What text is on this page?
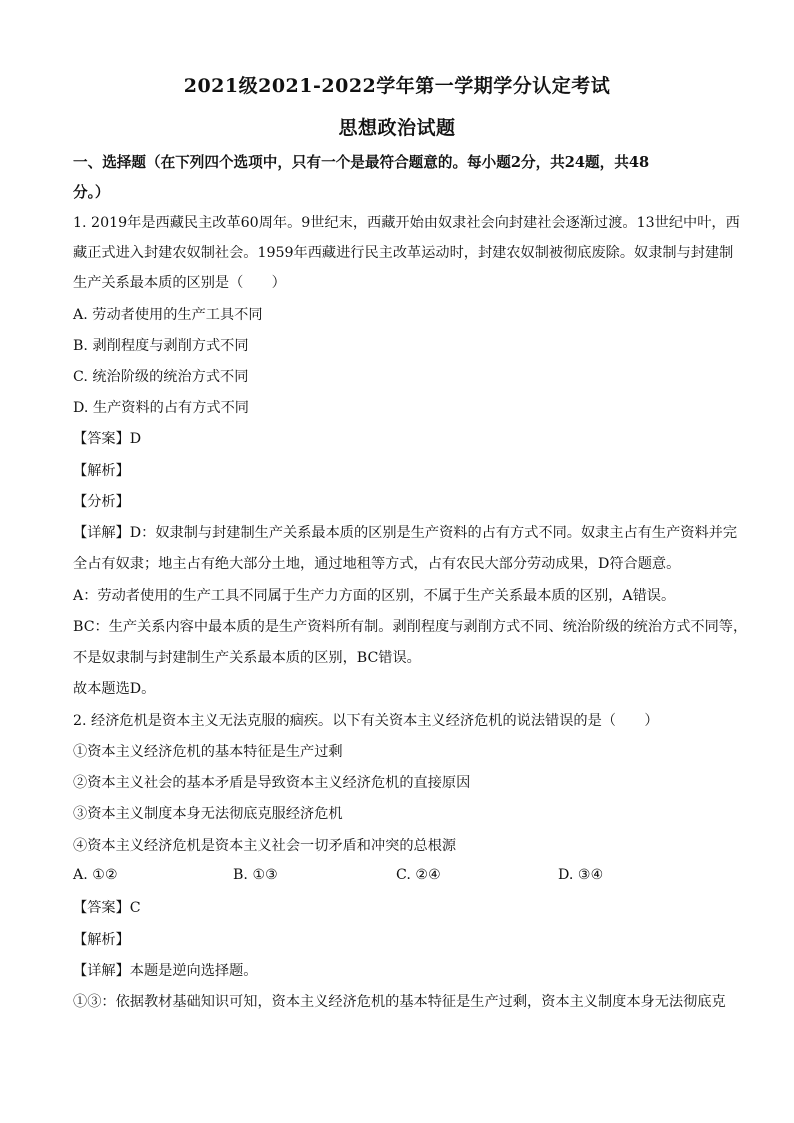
2021级2021-2022学年第一学期学分认定考试
思想政治试题
一、选择题（在下列四个选项中，只有一个是最符合题意的。每小题2分，共24题，共48
分。）
1. 2019年是西藏民主改革60周年。9世纪末，西藏开始由奴隶社会向封建社会逐渐过渡。13世纪中叶，西
藏正式进入封建农奴制社会。1959年西藏进行民主改革运动时，封建农奴制被彻底废除。奴隶制与封建制
生产关系最本质的区别是（　　）
A. 劳动者使用的生产工具不同
B. 剥削程度与剥削方式不同
C. 统治阶级的统治方式不同
D. 生产资料的占有方式不同
【答案】D
【解析】
【分析】
【详解】D：奴隶制与封建制生产关系最本质的区别是生产资料的占有方式不同。奴隶主占有生产资料并完
全占有奴隶；地主占有绝大部分土地，通过地租等方式，占有农民大部分劳动成果，D符合题意。
A：劳动者使用的生产工具不同属于生产力方面的区别，不属于生产关系最本质的区别，A错误。
BC：生产关系内容中最本质的是生产资料所有制。剥削程度与剥削方式不同、统治阶级的统治方式不同等，
不是奴隶制与封建制生产关系最本质的区别，BC错误。
故本题选D。
2. 经济危机是资本主义无法克服的痼疾。以下有关资本主义经济危机的说法错误的是（　　）
①资本主义经济危机的基本特征是生产过剩
②资本主义社会的基本矛盾是导致资本主义经济危机的直接原因
③资本主义制度本身无法彻底克服经济危机
④资本主义经济危机是资本主义社会一切矛盾和冲突的总根源
A. ①②	B. ①③	C. ②④	D. ③④
【答案】C
【解析】
【详解】本题是逆向选择题。
①③：依据教材基础知识可知，资本主义经济危机的基本特征是生产过剩，资本主义制度本身无法彻底克
